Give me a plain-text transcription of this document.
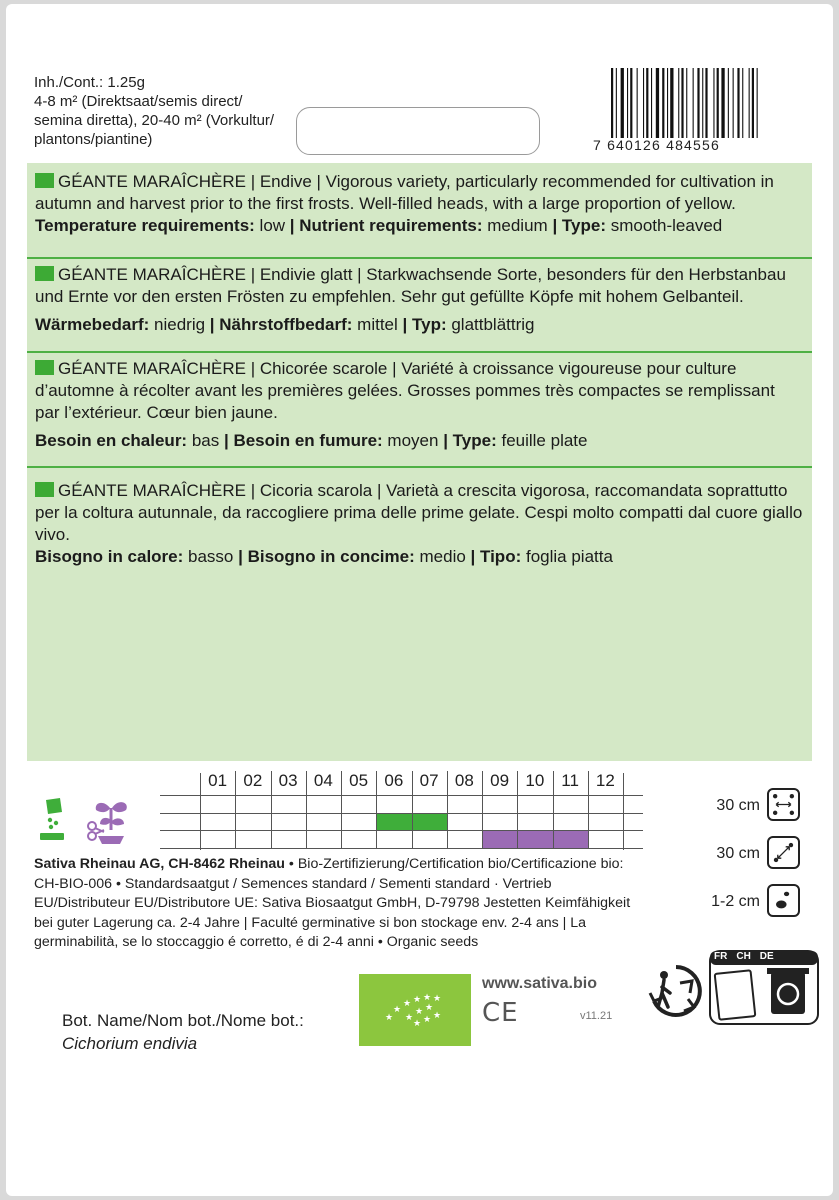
Inh./Cont.: 1.25g
4-8 m² (Direktsaat/semis direct/
semina diretta), 20-40 m² (Vorkultur/
plantons/piantine)	7 640126 484556
GÉANTE MARAÎCHÈRE | Endive | Vigorous variety, particularly recommended for cultivation in autumn and harvest prior to the first frosts. Well-filled heads, with a large proportion of yellow.
Temperature requirements: low | Nutrient requirements: medium | Type: smooth-leaved
GÉANTE MARAÎCHÈRE | Endivie glatt | Starkwachsende Sorte, besonders für den Herbstanbau und Ernte vor den ersten Frösten zu empfehlen. Sehr gut gefüllte Köpfe mit hohem Gelbanteil.

Wärmebedarf: niedrig | Nährstoffbedarf: mittel | Typ: glattblättrig
GÉANTE MARAÎCHÈRE | Chicorée scarole | Variété à croissance vigoureuse pour culture d’automne à récolter avant les premières gelées. Grosses pommes très compactes se remplissant par l’extérieur. Cœur bien jaune.

Besoin en chaleur: bas | Besoin en fumure: moyen | Type: feuille plate
GÉANTE MARAÎCHÈRE | Cicoria scarola | Varietà a crescita vigorosa, raccomandata soprattutto per la coltura autunnale, da raccogliere prima delle prime gelate. Cespi molto compatti dal cuore giallo vivo.
Bisogno in calore: basso | Bisogno in concime: medio | Tipo: foglia piatta
01 02 03 04 05 06 07 08 09 10 11 12
30 cm
30 cm
1-2 cm
Sativa Rheinau AG, CH-8462 Rheinau • Bio-Zertifizierung/Certification bio/Certificazione bio: CH-BIO-006 • Standardsaatgut / Semences standard / Sementi standard · Vertrieb EU/Distributeur EU/Distributore UE: Sativa Biosaatgut GmbH, D-79798 Jestetten Keimfähigkeit bei guter Lagerung ca. 2-4 Jahre | Faculté germinative si bon stockage env. 2-4 ans | La germinabilità, se lo stoccaggio é corretto, é di 2-4 anni • Organic seeds
Bot. Name/Nom bot./Nome bot.:
Cichorium endivia
★
★
★ ★ ★ ★
★
★ ★
★ ★ ★
www.sativa.bio
CE	v11.21
FR CH DE
